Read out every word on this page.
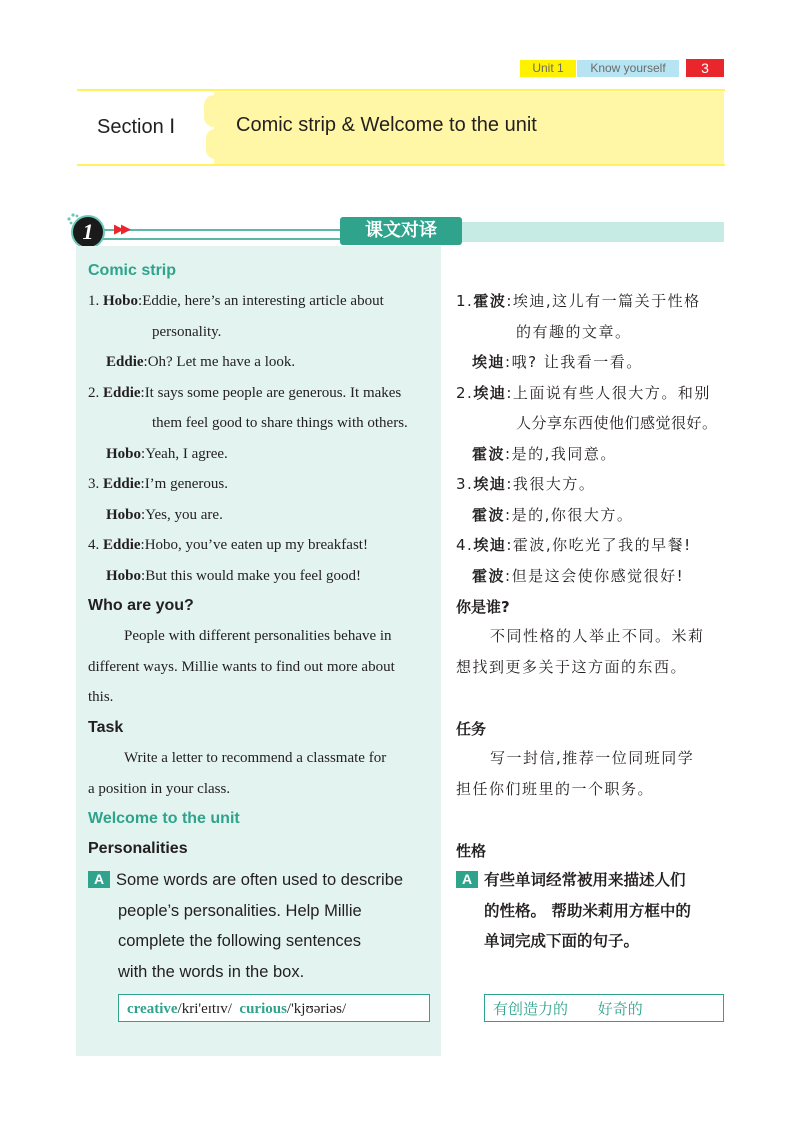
Unit 1	Know yourself	3
Section Ⅰ	Comic strip & Welcome to the unit
1	▶▶	课文对译
Comic strip
1. Hobo:Eddie, here’s an interesting article about
personality.
Eddie:Oh? Let me have a look.
2. Eddie:It says some people are generous. It makes
them feel good to share things with others.
Hobo:Yeah, I agree.
3. Eddie:I’m generous.
Hobo:Yes, you are.
4. Eddie:Hobo, you’ve eaten up my breakfast!
Hobo:But this would make you feel good!
Who are you?
People with different personalities behave in
different ways. Millie wants to find out more about
this.
Task
Write a letter to recommend a classmate for
a position in your class.
Welcome to the unit
Personalities
A Some words are often used to describe
people’s personalities. Help Millie
complete the following sentences
with the words in the box.
creative/kri'eɪtɪv/ curious/'kjʊəriəs/
1.霍波:埃迪,这儿有一篇关于性格
的有趣的文章。
埃迪:哦? 让我看一看。
2.埃迪:上面说有些人很大方。和别
人分享东西使他们感觉很好。
霍波:是的,我同意。
3.埃迪:我很大方。
霍波:是的,你很大方。
4.埃迪:霍波,你吃光了我的早餐!
霍波:但是这会使你感觉很好!
你是谁?
不同性格的人举止不同。米莉
想找到更多关于这方面的东西。
任务
写一封信,推荐一位同班同学
担任你们班里的一个职务。
性格
A 有些单词经常被用来描述人们
的性格。 帮助米莉用方框中的
单词完成下面的句子。
有创造力的 好奇的
